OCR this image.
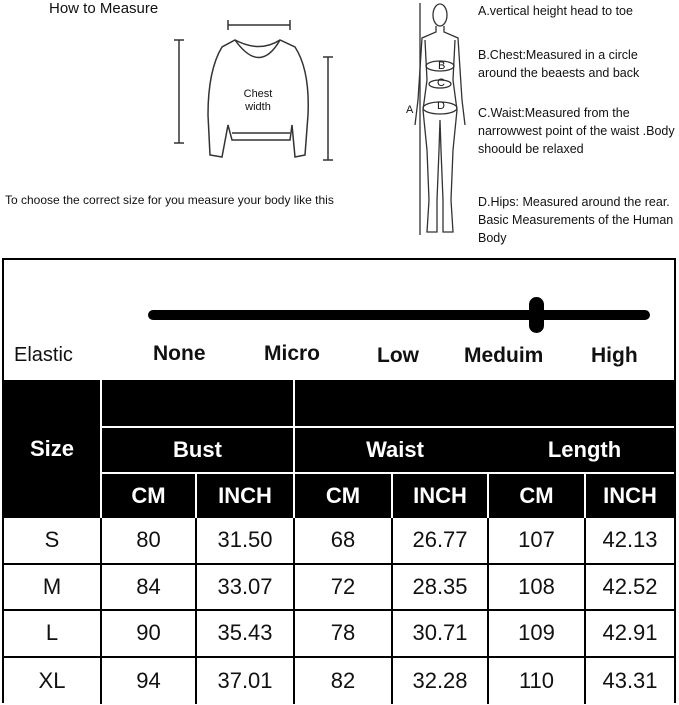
How to Measure
Chest
width
To choose the correct size for you measure your body like this
A
B
C
D
A.vertical height head to toe
B.Chest:Measured in a circle around the beaests and back
C.Waist:Measured from the narrowwest point of the waist .Body shoould be relaxed
D.Hips: Measured around the rear. Basic Measurements of the Human Body
Elastic	None	Micro	Low Meduim High
Size	Bust	Waist	Length
CM	INCH	CM	INCH	CM	INCH
S	80	31.50	68	26.77	107	42.13
M	84	33.07	72	28.35	108	42.52
L	90	35.43	78	30.71	109	42.91
XL	94	37.01	82	32.28	110	43.31
